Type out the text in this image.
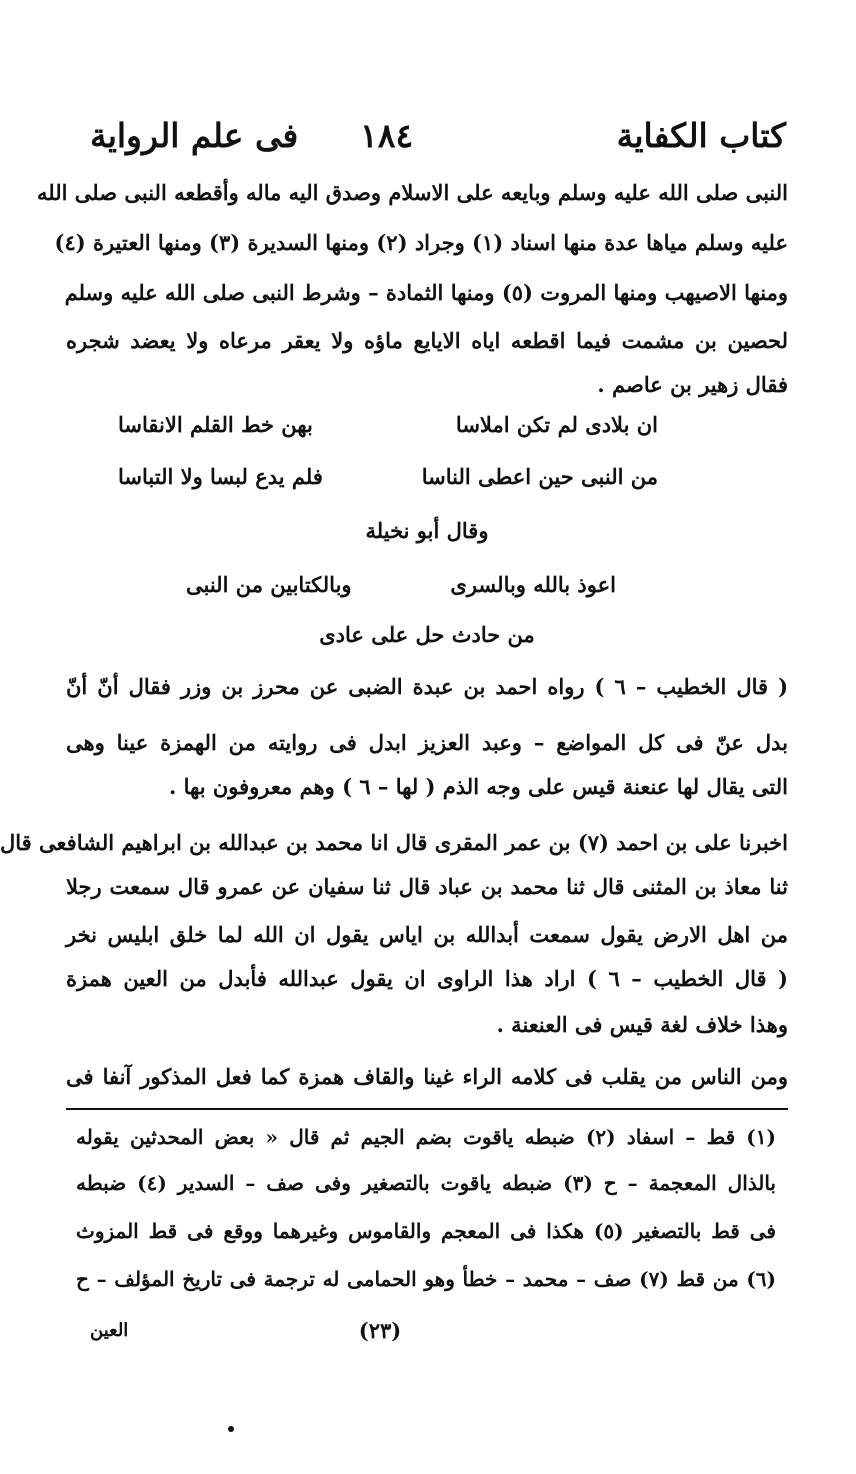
كتاب الكفاية
١٨٤
فى علم الرواية
النبى صلى الله عليه وسلم وبايعه على الاسلام وصدق اليه ماله وأقطعه النبى صلى الله
عليه وسلم مياها عدة منها اسناد (١) وجراد (٢) ومنها السديرة (٣) ومنها العتيرة (٤)
ومنها الاصيهب ومنها المروت (٥) ومنها الثمادة – وشرط النبى صلى الله عليه وسلم
لحصين بن مشمت فيما اقطعه اياه الايايع ماؤه ولا يعقر مرعاه ولا يعضد شجره
فقال زهير بن عاصم .
ان بلادى لم تكن املاسا
بهن خط القلم الانقاسا
من النبى حين اعطى الناسا
فلم يدع لبسا ولا التباسا
وقال أبو نخيلة
اعوذ بالله وبالسرى
وبالكتابين من النبى
من حادث حل على عادى
( قال الخطيب – ٦ ) رواه احمد بن عبدة الضبى عن محرز بن وزر فقال أنّ أنّ
بدل عنّ فى كل المواضع – وعبد العزيز ابدل فى روايته من الهمزة عينا وهى
التى يقال لها عنعنة قيس على وجه الذم ( لها – ٦ ) وهم معروفون بها .
اخبرنا على بن احمد (٧) بن عمر المقرى قال انا محمد بن عبدالله بن ابراهيم الشافعى قال
ثنا معاذ بن المثنى قال ثنا محمد بن عباد قال ثنا سفيان عن عمرو قال سمعت رجلا
من اهل الارض يقول سمعت أبدالله بن اياس يقول ان الله لما خلق ابليس نخر
( قال الخطيب – ٦ ) اراد هذا الراوى ان يقول عبدالله فأبدل من العين همزة
وهذا خلاف لغة قيس فى العنعنة .
ومن الناس من يقلب فى كلامه الراء غينا والقاف همزة كما فعل المذكور آنفا فى
(١) قط – اسفاد (٢) ضبطه ياقوت بضم الجيم ثم قال « بعض المحدثين يقوله
بالذال المعجمة – ح (٣) ضبطه ياقوت بالتصغير وفى صف – السدير (٤) ضبطه
فى قط بالتصغير (٥) هكذا فى المعجم والقاموس وغيرهما ووقع فى قط المزوث
(٦) من قط (٧) صف – محمد – خطأ وهو الحمامى له ترجمة فى تاريخ المؤلف – ح
(٢٣)
العين
